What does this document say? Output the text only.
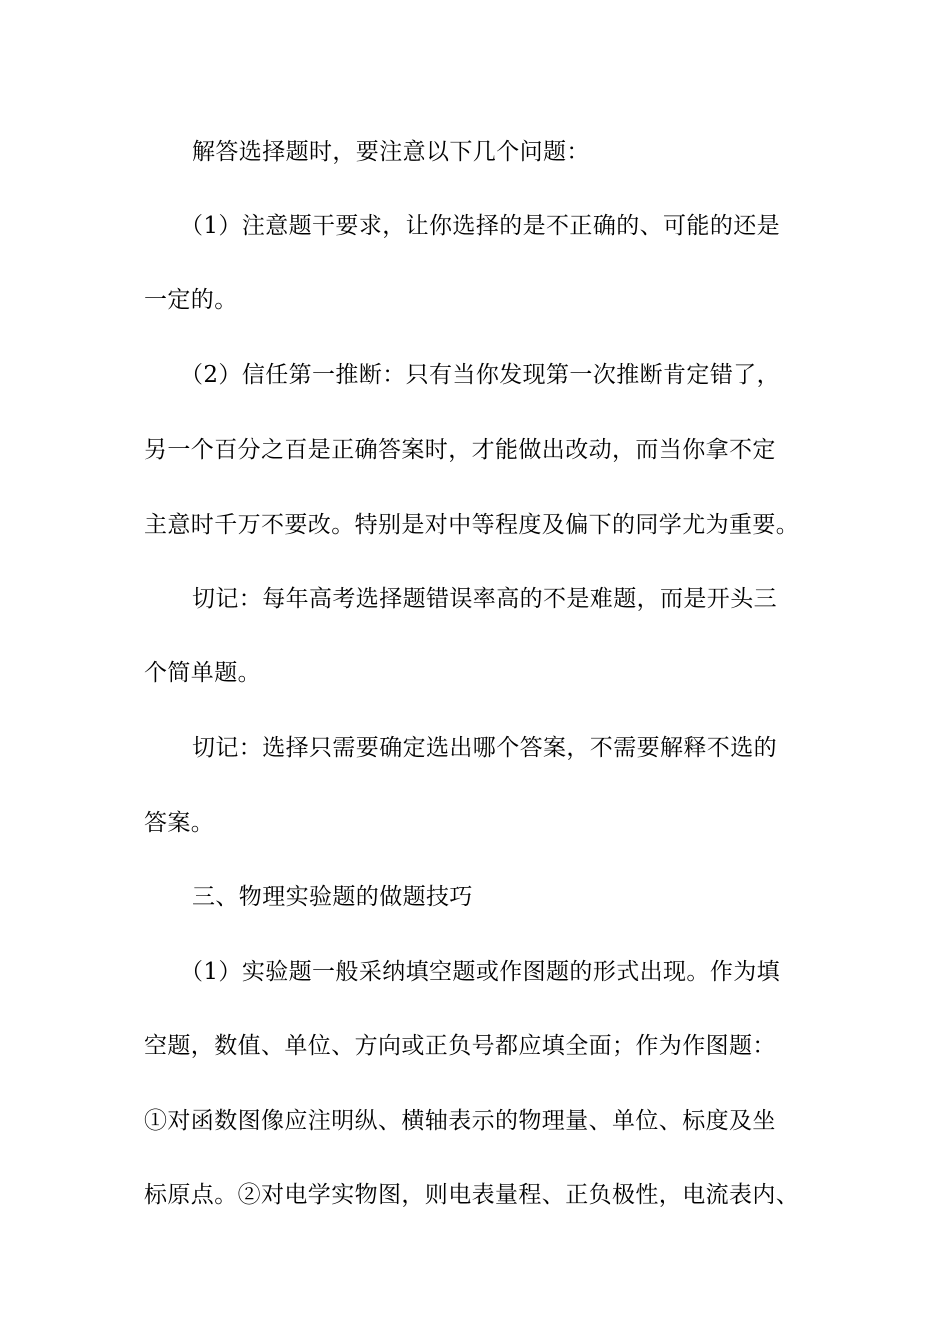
解答选择题时，要注意以下几个问题：
（1）注意题干要求，让你选择的是不正确的、可能的还是
一定的。
（2）信任第一推断：只有当你发现第一次推断肯定错了，
另一个百分之百是正确答案时，才能做出改动，而当你拿不定
主意时千万不要改。特别是对中等程度及偏下的同学尤为重要。
切记：每年高考选择题错误率高的不是难题，而是开头三
个简单题。
切记：选择只需要确定选出哪个答案，不需要解释不选的
答案。
三、物理实验题的做题技巧
（1）实验题一般采纳填空题或作图题的形式出现。作为填
空题，数值、单位、方向或正负号都应填全面；作为作图题：
①对函数图像应注明纵、横轴表示的物理量、单位、标度及坐
标原点。②对电学实物图，则电表量程、正负极性，电流表内、
